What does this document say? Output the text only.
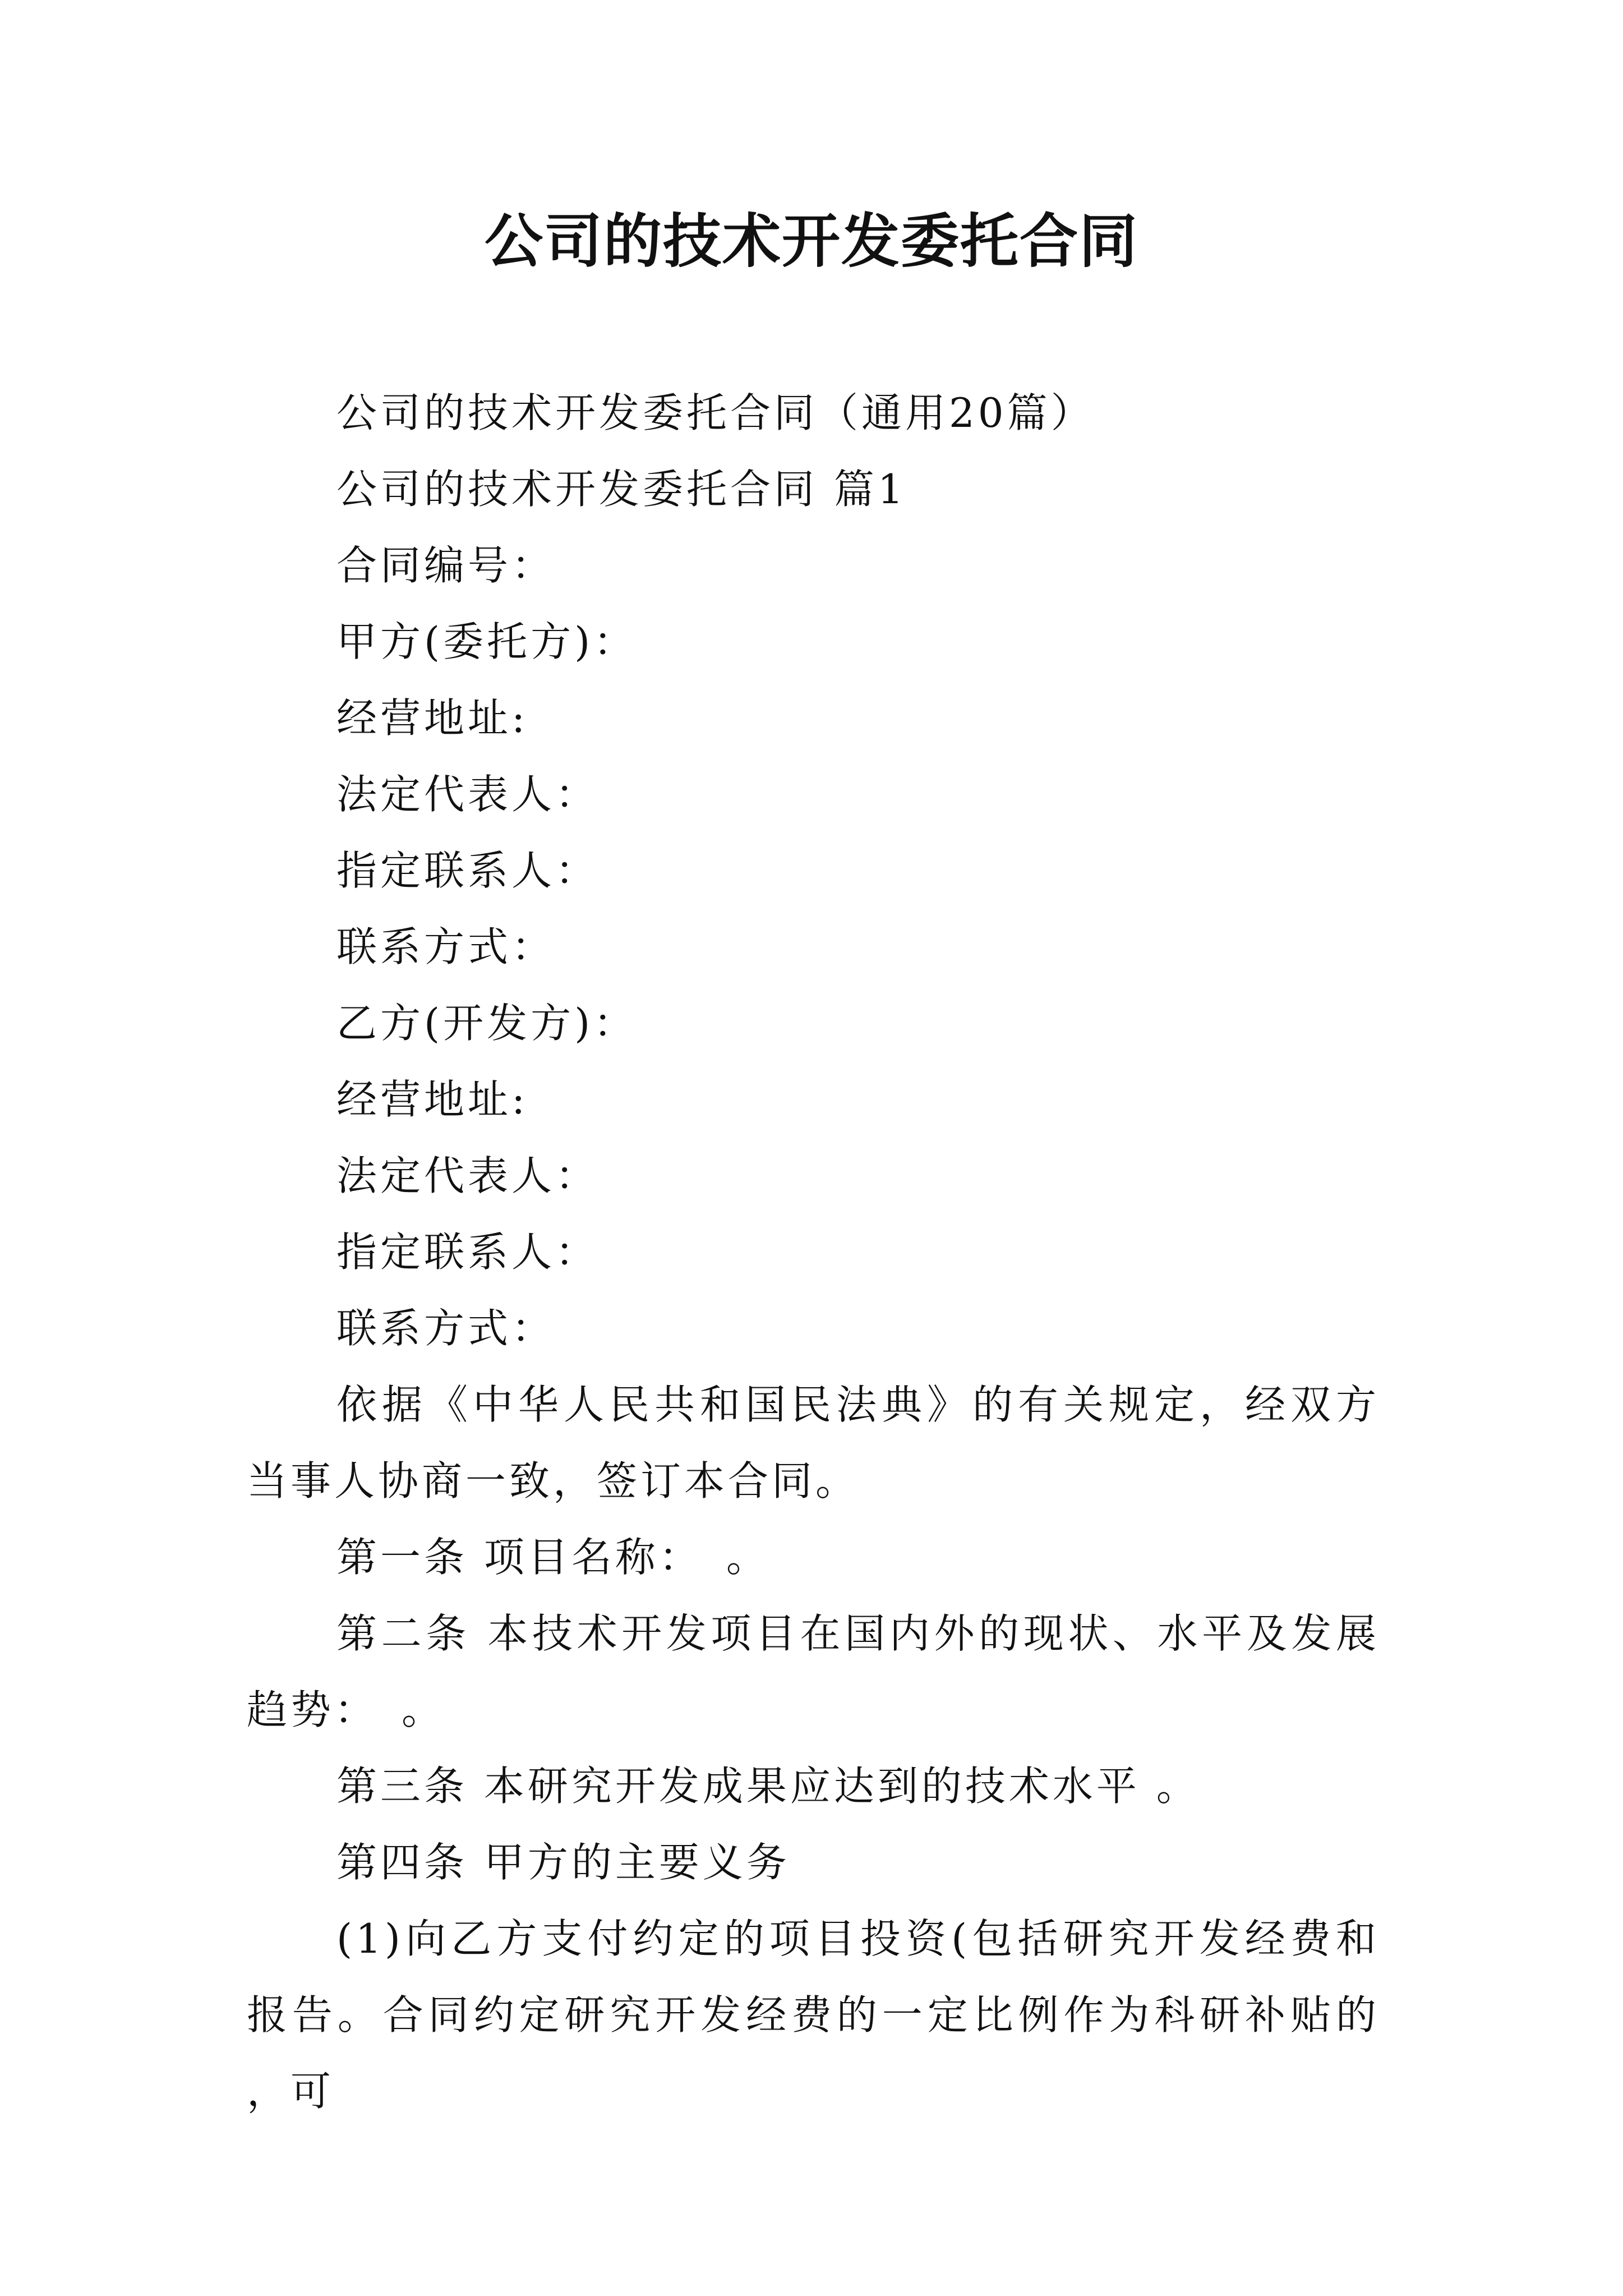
公司的技术开发委托合同

公司的技术开发委托合同（通用20篇）

公司的技术开发委托合同 篇1

合同编号：

甲方(委托方)：

经营地址:

法定代表人：

指定联系人：

联系方式：

乙方(开发方)：

经营地址:

法定代表人：

指定联系人：

联系方式：

依据《中华人民共和国民法典》的有关规定，经双方当事人协商一致，签订本合同。

第一条 项目名称：　。

第二条 本技术开发项目在国内外的现状、水平及发展趋势：　。

第三条 本研究开发成果应达到的技术水平 。

第四条 甲方的主要义务

(1)向乙方支付约定的项目投资(包括研究开发经费和报告。合同约定研究开发经费的一定比例作为科研补贴的，可
